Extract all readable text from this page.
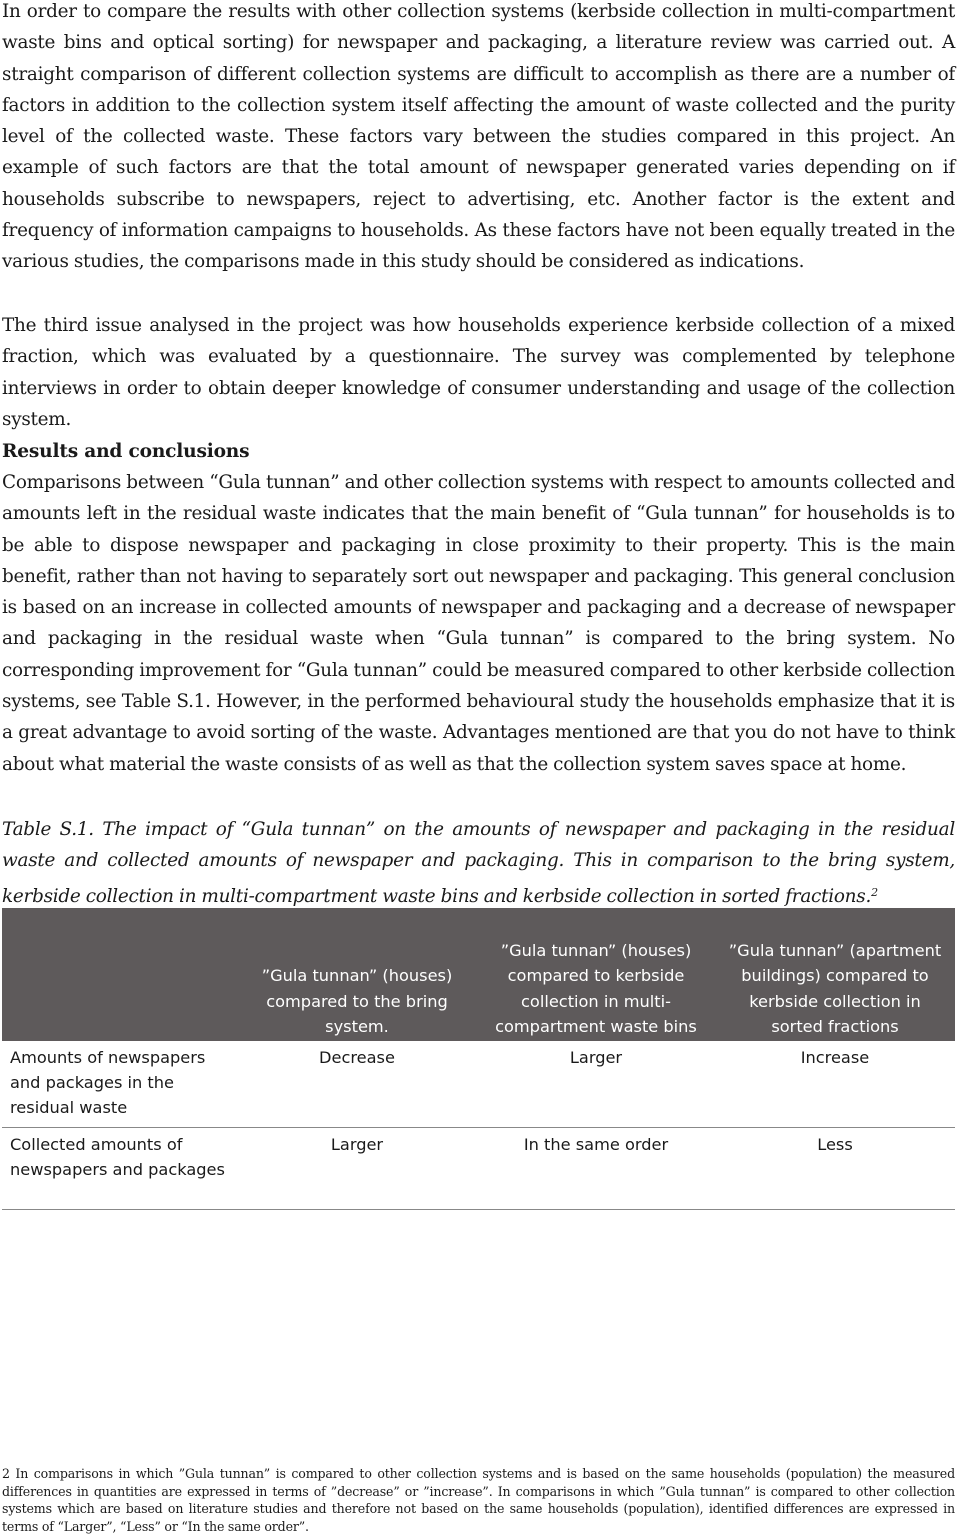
In order to compare the results with other collection systems (kerbside collection in multi-compartment waste bins and optical sorting) for newspaper and packaging, a literature review was carried out. A straight comparison of different collection systems are difficult to accomplish as there are a number of factors in addition to the collection system itself affecting the amount of waste collected and the purity level of the collected waste. These factors vary between the studies compared in this project. An example of such factors are that the total amount of newspaper generated varies depending on if households subscribe to newspapers, reject to advertising, etc. Another factor is the extent and frequency of information campaigns to households. As these factors have not been equally treated in the various studies, the comparisons made in this study should be considered as indications.

The third issue analysed in the project was how households experience kerbside collection of a mixed fraction, which was evaluated by a questionnaire. The survey was complemented by telephone interviews in order to obtain deeper knowledge of consumer understanding and usage of the collection system.

Results and conclusions

Comparisons between “Gula tunnan” and other collection systems with respect to amounts collected and amounts left in the residual waste indicates that the main benefit of “Gula tunnan” for households is to be able to dispose newspaper and packaging in close proximity to their property. This is the main benefit, rather than not having to separately sort out newspaper and packaging. This general conclusion is based on an increase in collected amounts of newspaper and packaging and a decrease of newspaper and packaging in the residual waste when “Gula tunnan” is compared to the bring system. No corresponding improvement for “Gula tunnan” could be measured compared to other kerbside collection systems, see Table S.1. However, in the performed behavioural study the households emphasize that it is a great advantage to avoid sorting of the waste. Advantages mentioned are that you do not have to think about what material the waste consists of as well as that the collection system saves space at home.

Table S.1. The impact of “Gula tunnan” on the amounts of newspaper and packaging in the residual waste and collected amounts of newspaper and packaging. This in comparison to the bring system, kerbside collection in multi-compartment waste bins and kerbside collection in sorted fractions.$^2$

	”Gula tunnan” (houses) compared to the bring system.	”Gula tunnan” (houses) compared to kerbside collection in multi-compartment waste bins	”Gula tunnan” (apartment buildings) compared to kerbside collection in sorted fractions
Amounts of newspapers and packages in the residual waste	Decrease	Larger	Increase
Collected amounts of newspapers and packages	Larger	In the same order	Less

2 In comparisons in which ”Gula tunnan” is compared to other collection systems and is based on the same households (population) the measured differences in quantities are expressed in terms of ”decrease” or ”increase”. In comparisons in which ”Gula tunnan” is compared to other collection systems which are based on literature studies and therefore not based on the same households (population), identified differences are expressed in terms of “Larger”, “Less” or “In the same order”.
